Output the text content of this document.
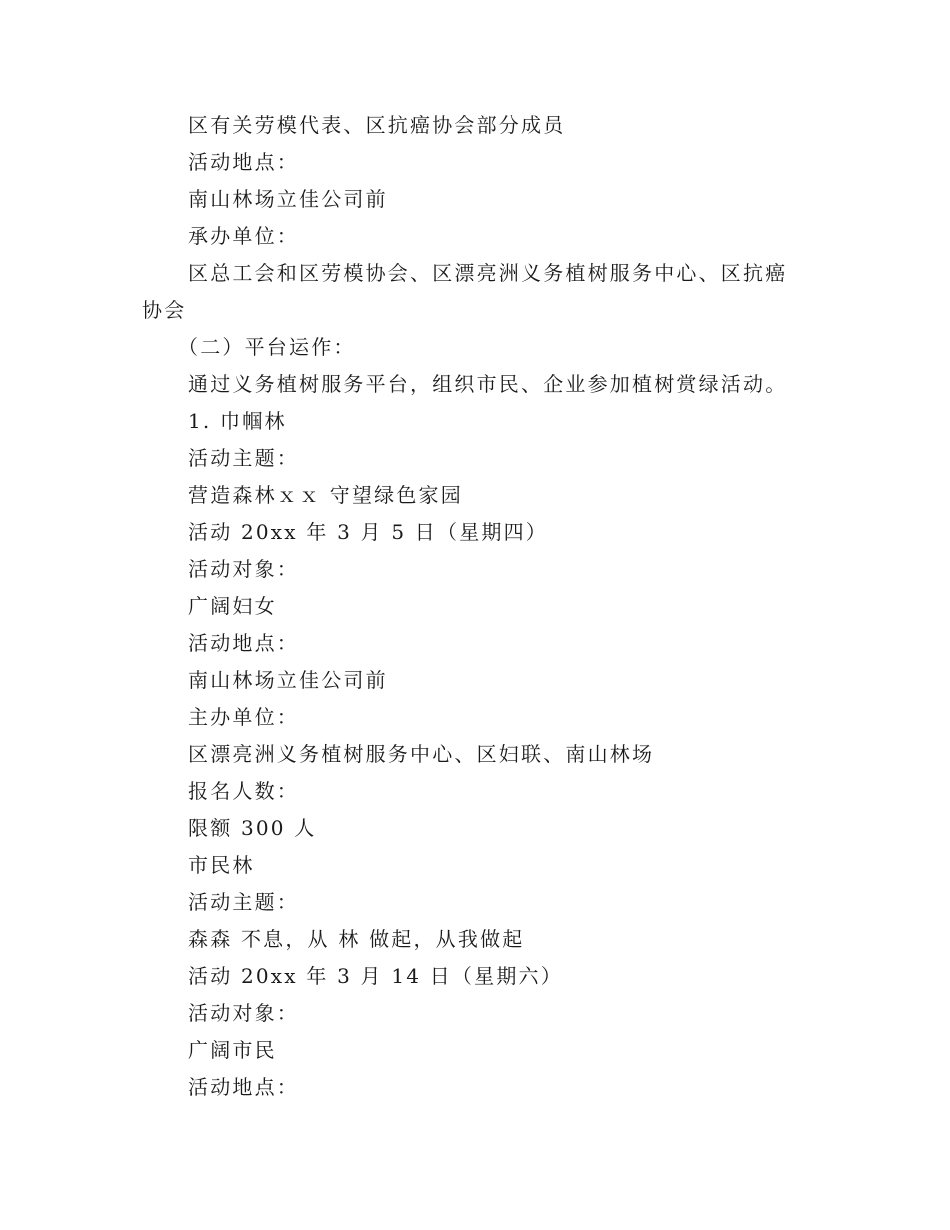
区有关劳模代表、区抗癌协会部分成员

活动地点：

南山林场立佳公司前

承办单位：

区总工会和区劳模协会、区漂亮洲义务植树服务中心、区抗癌协会

（二）平台运作：

通过义务植树服务平台，组织市民、企业参加植树赏绿活动。

1. 巾帼林

活动主题：

营造森林ｘｘ 守望绿色家园

活动 20xx 年 3 月 5 日（星期四）

活动对象：

广阔妇女

活动地点：

南山林场立佳公司前

主办单位：

区漂亮洲义务植树服务中心、区妇联、南山林场

报名人数：

限额 300 人

市民林

活动主题：

森森 不息，从 林 做起，从我做起

活动 20xx 年 3 月 14 日（星期六）

活动对象：

广阔市民

活动地点：
